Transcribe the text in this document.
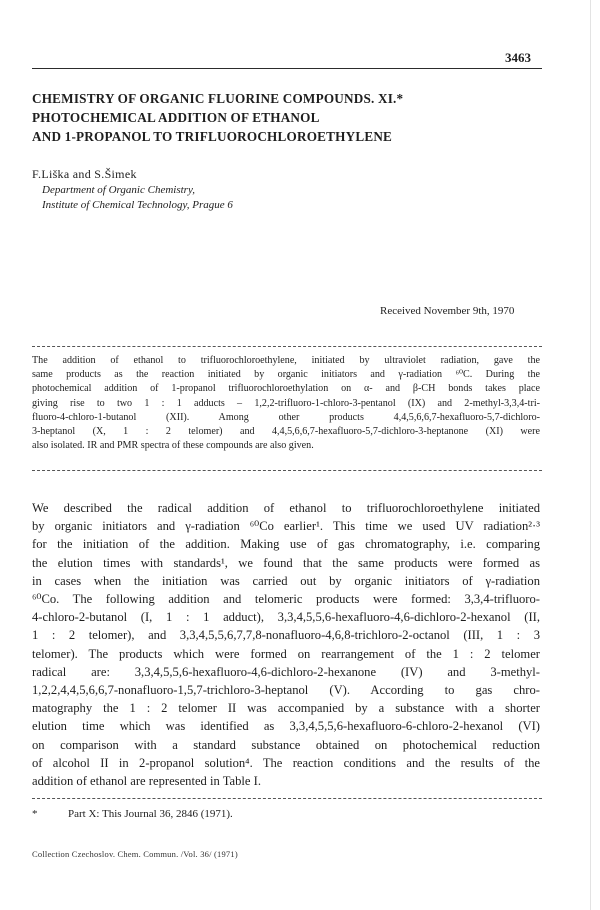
3463
CHEMISTRY OF ORGANIC FLUORINE COMPOUNDS. XI.*
PHOTOCHEMICAL ADDITION OF ETHANOL
AND 1-PROPANOL TO TRIFLUOROCHLOROETHYLENE
F.Liška and S.Šimek
Department of Organic Chemistry,
Institute of Chemical Technology, Prague 6
Received November 9th, 1970
The addition of ethanol to trifluorochloroethylene, initiated by ultraviolet radiation, gave the
same products as the reaction initiated by organic initiators and γ-radiation ⁶⁰C. During the
photochemical addition of 1-propanol trifluorochloroethylation on α- and β-CH bonds takes place
giving rise to two 1 : 1 adducts – 1,2,2-trifluoro-1-chloro-3-pentanol (IX) and 2-methyl-3,3,4-tri-
fluoro-4-chloro-1-butanol (XII). Among other products 4,4,5,6,6,7-hexafluoro-5,7-dichloro-
3-heptanol (X, 1 : 2 telomer) and 4,4,5,6,6,7-hexafluoro-5,7-dichloro-3-heptanone (XI) were
also isolated. IR and PMR spectra of these compounds are also given.
We described the radical addition of ethanol to trifluorochloroethylene initiated
by organic initiators and γ-radiation ⁶⁰Co earlier¹. This time we used UV radiation²·³
for the initiation of the addition. Making use of gas chromatography, i.e. comparing
the elution times with standards¹, we found that the same products were formed as
in cases when the initiation was carried out by organic initiators of γ-radiation
⁶⁰Co. The following addition and telomeric products were formed: 3,3,4-trifluoro-
4-chloro-2-butanol (I, 1 : 1 adduct), 3,3,4,5,5,6-hexafluoro-4,6-dichloro-2-hexanol (II,
1 : 2 telomer), and 3,3,4,5,5,6,7,7,8-nonafluoro-4,6,8-trichloro-2-octanol (III, 1 : 3
telomer). The products which were formed on rearrangement of the 1 : 2 telomer
radical are: 3,3,4,5,5,6-hexafluoro-4,6-dichloro-2-hexanone (IV) and 3-methyl-
1,2,2,4,4,5,6,6,7-nonafluoro-1,5,7-trichloro-3-heptanol (V). According to gas chro-
matography the 1 : 2 telomer II was accompanied by a substance with a shorter
elution time which was identified as 3,3,4,5,5,6-hexafluoro-6-chloro-2-hexanol (VI)
on comparison with a standard substance obtained on photochemical reduction
of alcohol II in 2-propanol solution⁴. The reaction conditions and the results of the
addition of ethanol are represented in Table I.
*	Part X: This Journal 36, 2846 (1971).
Collection Czechoslov. Chem. Commun. /Vol. 36/ (1971)
